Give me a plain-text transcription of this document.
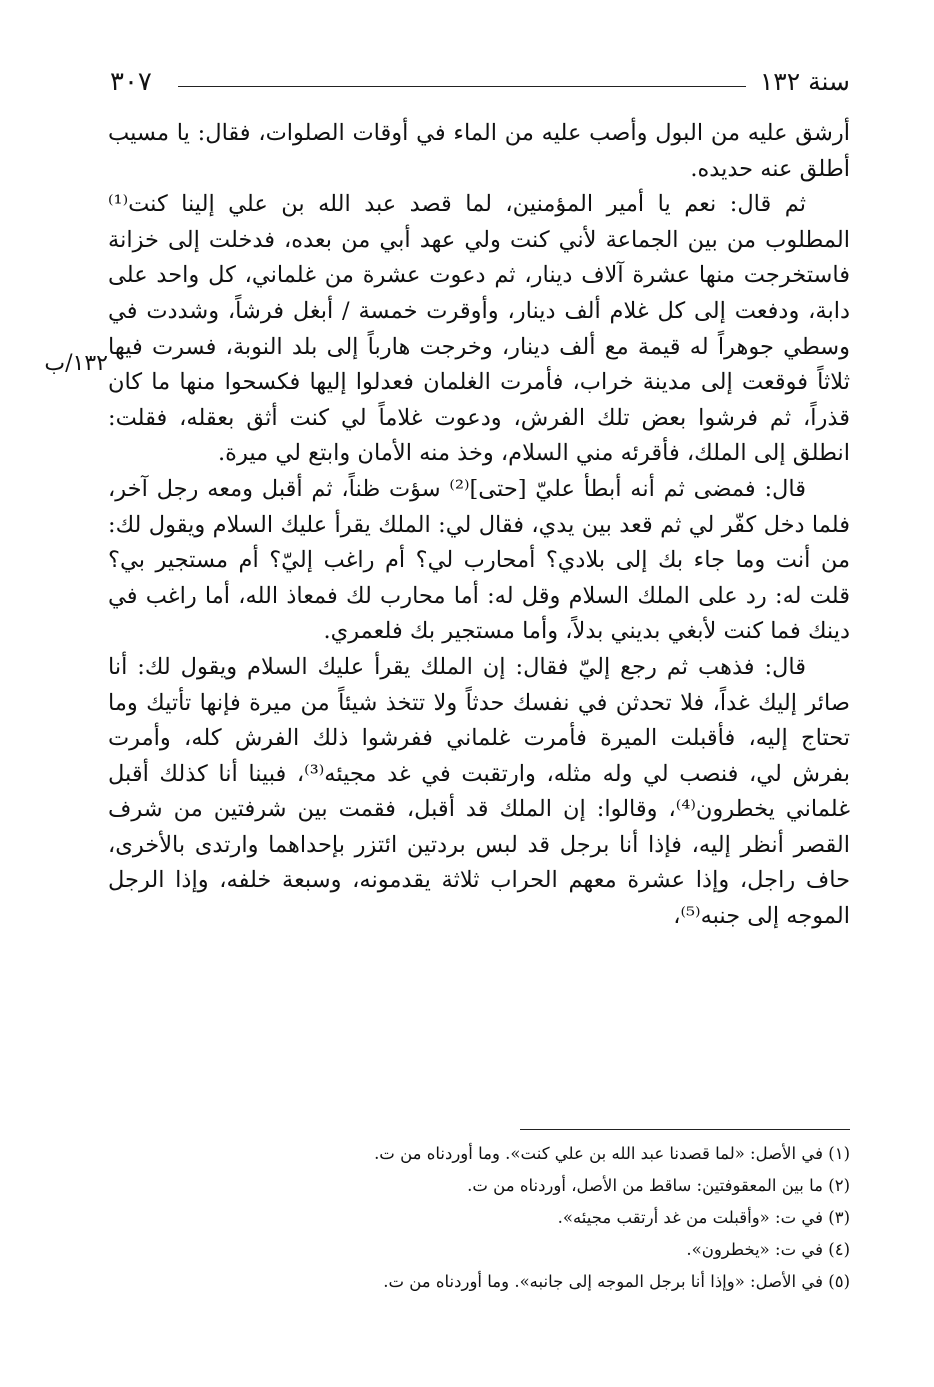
٣٠٧	سنة ١٣٢
١٣٢/ب

أرشق عليه من البول وأصب عليه من الماء في أوقات الصلوات، فقال: يا مسيب أطلق عنه حديده.

ثم قال: نعم يا أمير المؤمنين، لما قصد عبد الله بن علي إلينا كنت⁽¹⁾ المطلوب من بين الجماعة لأني كنت ولي عهد أبي من بعده، فدخلت إلى خزانة فاستخرجت منها عشرة آلاف دينار، ثم دعوت عشرة من غلماني، كل واحد على دابة، ودفعت إلى كل غلام ألف دينار، وأوقرت خمسة / أبغل فرشاً، وشددت في وسطي جوهراً له قيمة مع ألف دينار، وخرجت هارباً إلى بلد النوبة، فسرت فيها ثلاثاً فوقعت إلى مدينة خراب، فأمرت الغلمان فعدلوا إليها فكسحوا منها ما كان قذراً، ثم فرشوا بعض تلك الفرش، ودعوت غلاماً لي كنت أثق بعقله، فقلت: انطلق إلى الملك، فأقرئه مني السلام، وخذ منه الأمان وابتع لي ميرة.

قال: فمضى ثم أنه أبطأ عليّ [حتى]⁽²⁾ سؤت ظناً، ثم أقبل ومعه رجل آخر، فلما دخل كفّر لي ثم قعد بين يدي، فقال لي: الملك يقرأ عليك السلام ويقول لك: من أنت وما جاء بك إلى بلادي؟ أمحارب لي؟ أم راغب إليّ؟ أم مستجير بي؟ قلت له: رد على الملك السلام وقل له: أما محارب لك فمعاذ الله، أما راغب في دينك فما كنت لأبغي بديني بدلاً، وأما مستجير بك فلعمري.

قال: فذهب ثم رجع إليّ فقال: إن الملك يقرأ عليك السلام ويقول لك: أنا صائر إليك غداً، فلا تحدثن في نفسك حدثاً ولا تتخذ شيئاً من ميرة فإنها تأتيك وما تحتاج إليه، فأقبلت الميرة فأمرت غلماني ففرشوا ذلك الفرش كله، وأمرت بفرش لي، فنصب لي وله مثله، وارتقبت في غد مجيئه⁽³⁾، فبينا أنا كذلك أقبل غلماني يخطرون⁽⁴⁾، وقالوا: إن الملك قد أقبل، فقمت بين شرفتين من شرف القصر أنظر إليه، فإذا أنا برجل قد لبس بردتين ائتزر بإحداهما وارتدى بالأخرى، حاف راجل، وإذا عشرة معهم الحراب ثلاثة يقدمونه، وسبعة خلفه، وإذا الرجل الموجه إلى جنبه⁽⁵⁾،

(١) في الأصل: «لما قصدنا عبد الله بن علي كنت». وما أوردناه من ت.

(٢) ما بين المعقوفتين: ساقط من الأصل، أوردناه من ت.

(٣) في ت: «وأقبلت من غد أرتقب مجيئه».

(٤) في ت: «يخطرون».

(٥) في الأصل: «وإذا أنا برجل الموجه إلى جانبه». وما أوردناه من ت.
